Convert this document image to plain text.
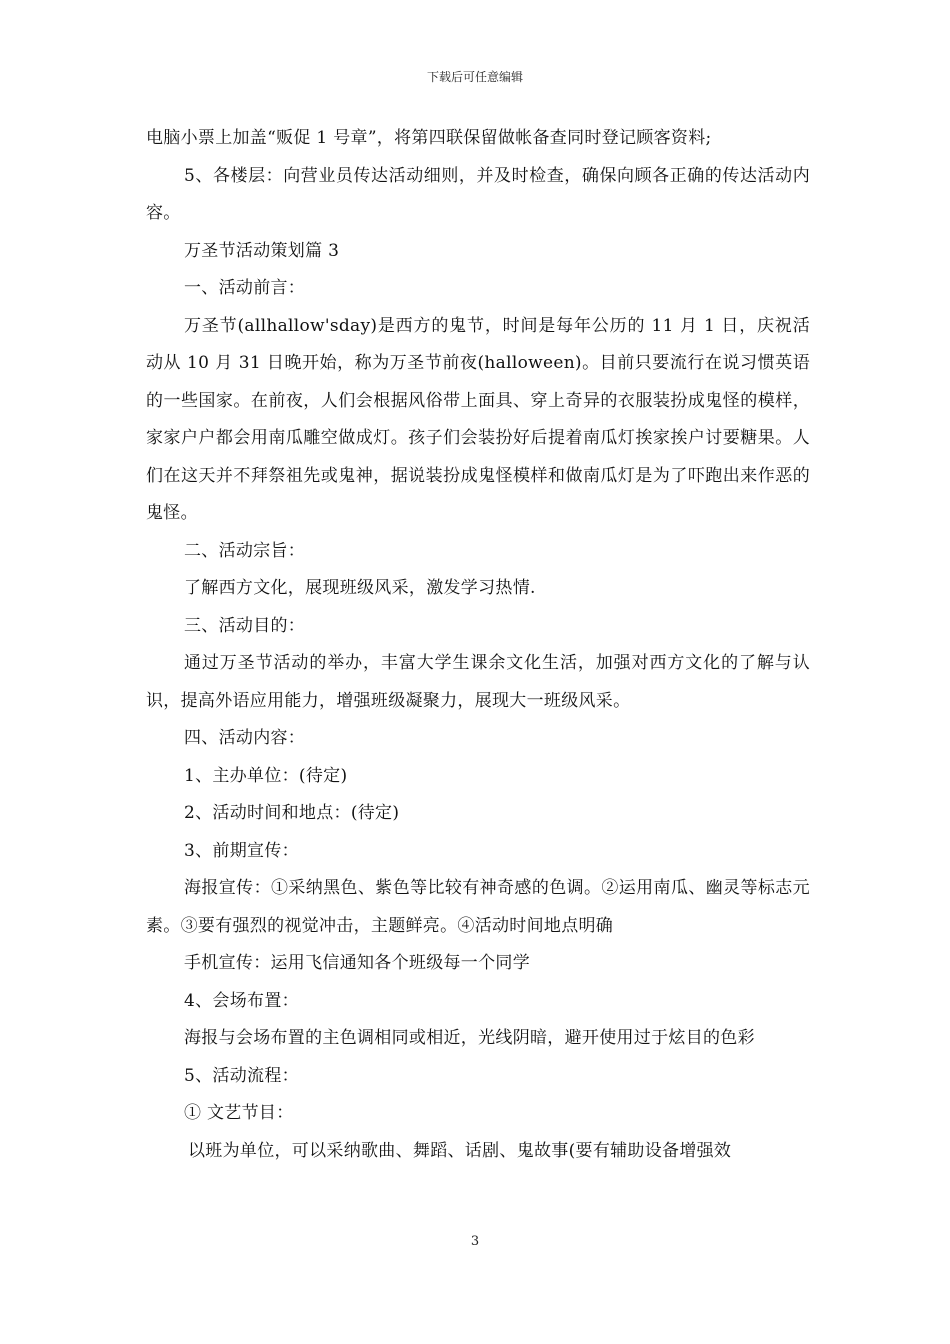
下载后可任意编辑

电脑小票上加盖“贩促 1 号章”，将第四联保留做帐备查同时登记顾客资料;

5、各楼层：向营业员传达活动细则，并及时检查，确保向顾各正确的传达活动内容。

万圣节活动策划篇 3

一、活动前言：

万圣节(allhallow'sday)是西方的鬼节，时间是每年公历的 11 月 1 日，庆祝活动从 10 月 31 日晚开始，称为万圣节前夜(halloween)。目前只要流行在说习惯英语的一些国家。在前夜，人们会根据风俗带上面具、穿上奇异的衣服装扮成鬼怪的模样，家家户户都会用南瓜雕空做成灯。孩子们会装扮好后提着南瓜灯挨家挨户讨要糖果。人们在这天并不拜祭祖先或鬼神，据说装扮成鬼怪模样和做南瓜灯是为了吓跑出来作恶的鬼怪。

二、活动宗旨：

了解西方文化，展现班级风采，激发学习热情.

三、活动目的：

通过万圣节活动的举办，丰富大学生课余文化生活，加强对西方文化的了解与认识，提高外语应用能力，增强班级凝聚力，展现大一班级风采。

四、活动内容：

1、主办单位：(待定)

2、活动时间和地点：(待定)

3、前期宣传：

海报宣传：①采纳黑色、紫色等比较有神奇感的色调。②运用南瓜、幽灵等标志元素。③要有强烈的视觉冲击，主题鲜亮。④活动时间地点明确

手机宣传：运用飞信通知各个班级每一个同学

4、会场布置：

海报与会场布置的主色调相同或相近，光线阴暗，避开使用过于炫目的色彩

5、活动流程：

① 文艺节目：

以班为单位，可以采纳歌曲、舞蹈、话剧、鬼故事(要有辅助设备增强效

3
